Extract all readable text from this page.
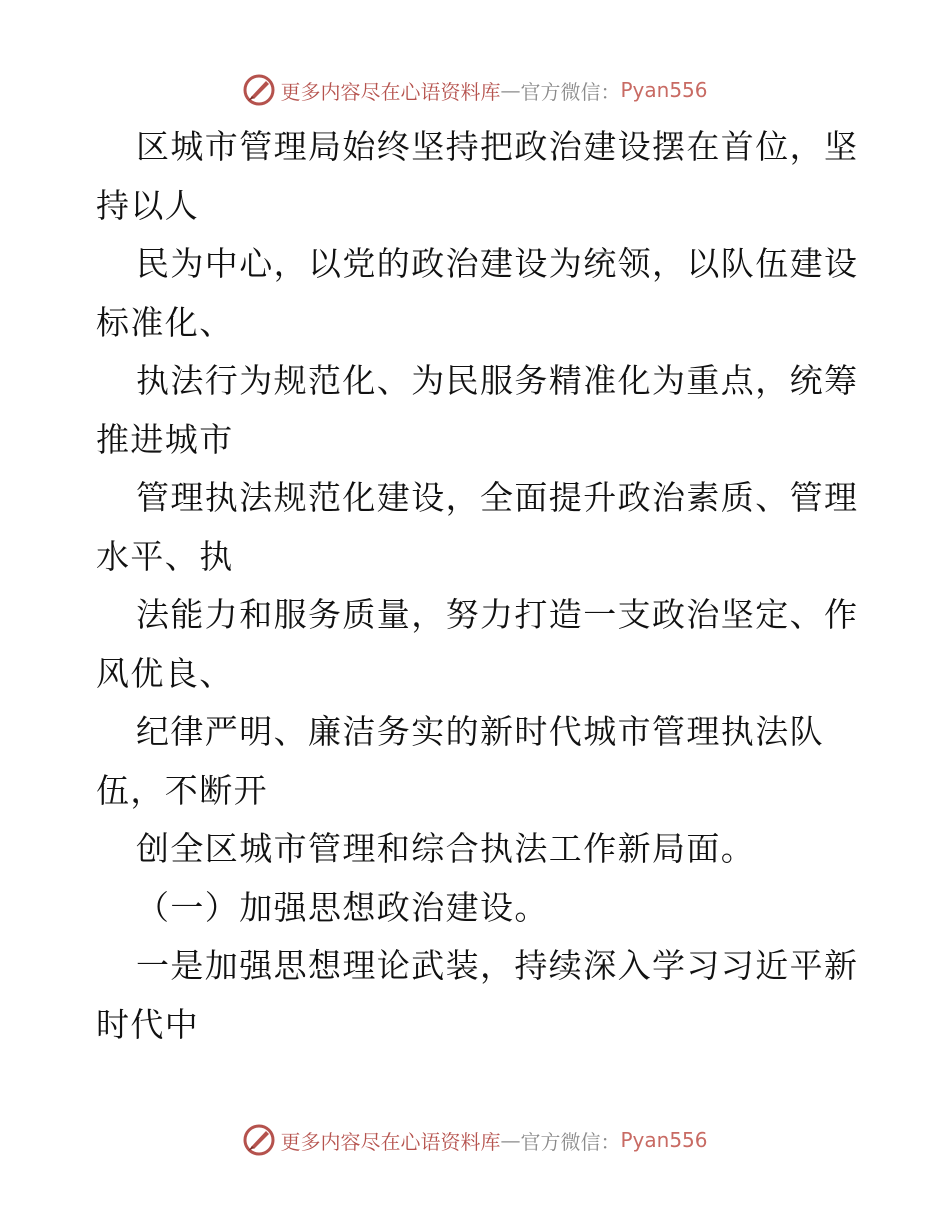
更多内容尽在心语资料库 — 官方微信： Pyan556
区城市管理局始终坚持把政治建设摆在首位，坚
持以人
民为中心，以党的政治建设为统领，以队伍建设
标准化、
执法行为规范化、为民服务精准化为重点，统筹
推进城市
管理执法规范化建设，全面提升政治素质、管理
水平、执
法能力和服务质量，努力打造一支政治坚定、作
风优良、
纪律严明、廉洁务实的新时代城市管理执法队
伍，不断开
创全区城市管理和综合执法工作新局面。
（一）加强思想政治建设。
一是加强思想理论武装，持续深入学习习近平新
时代中
更多内容尽在心语资料库 — 官方微信： Pyan556
